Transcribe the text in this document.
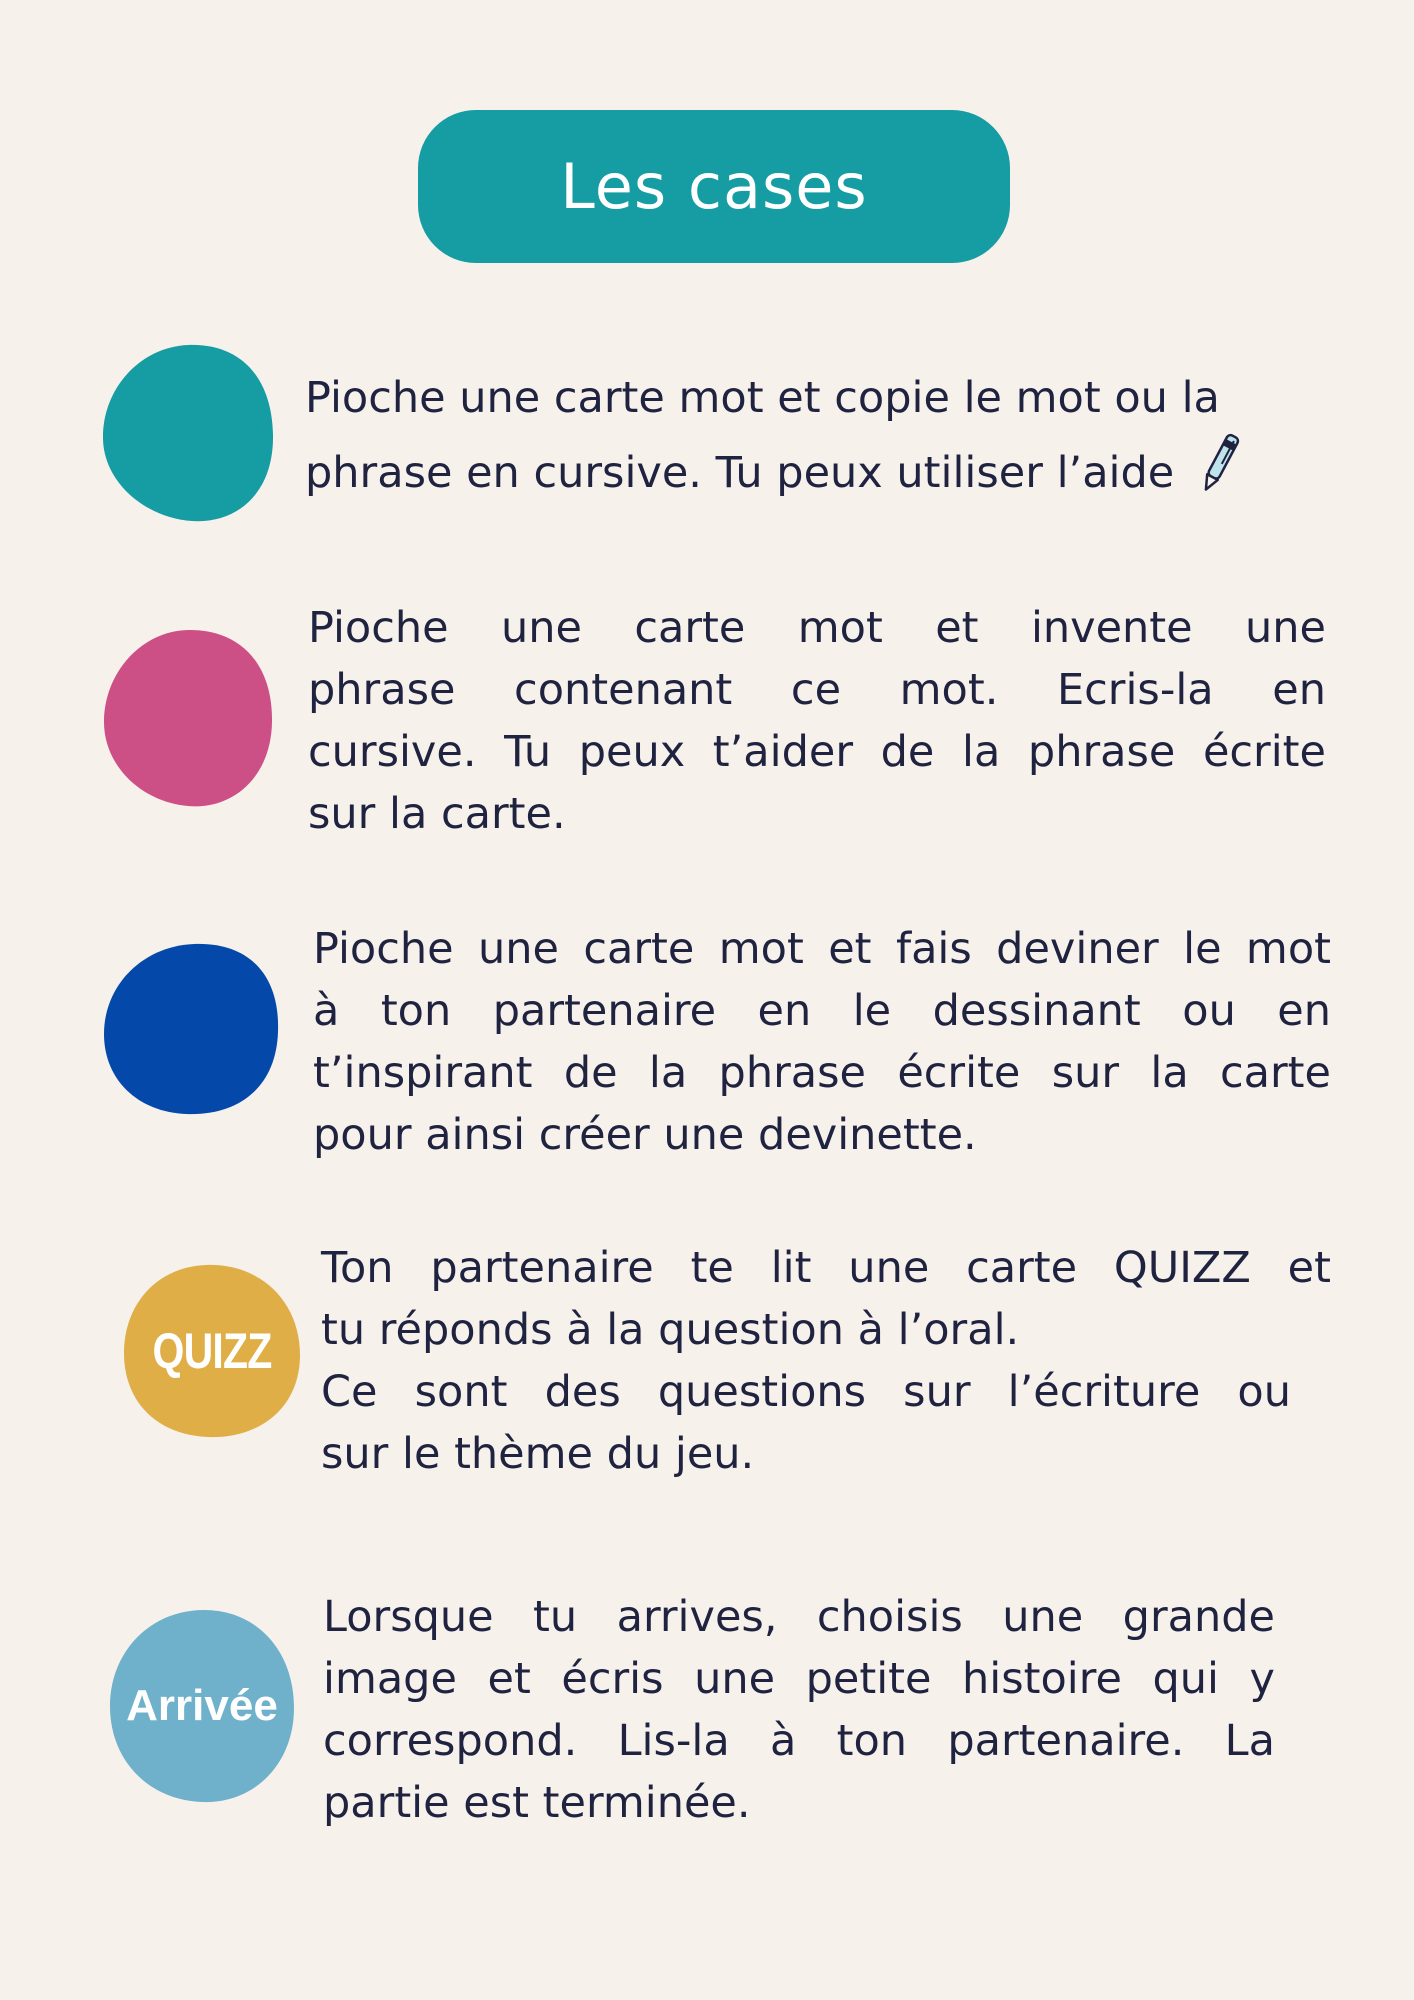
Les cases
Pioche une carte mot et copie le mot ou la
phrase en cursive. Tu peux utiliser l’aide
Pioche une carte mot et invente une
phrase contenant ce mot. Ecris-la en
cursive. Tu peux t’aider de la phrase écrite
sur la carte.
Pioche une carte mot et fais deviner le mot
à ton partenaire en le dessinant ou en
t’inspirant de la phrase écrite sur la carte
pour ainsi créer une devinette.
QUIZZ
Ton partenaire te lit une carte QUIZZ et
tu réponds à la question à l’oral.
Ce sont des questions sur l’écriture ou
sur le thème du jeu.
Arrivée
Lorsque tu arrives, choisis une grande
image et écris une petite histoire qui y
correspond. Lis-la à ton partenaire. La
partie est terminée.
